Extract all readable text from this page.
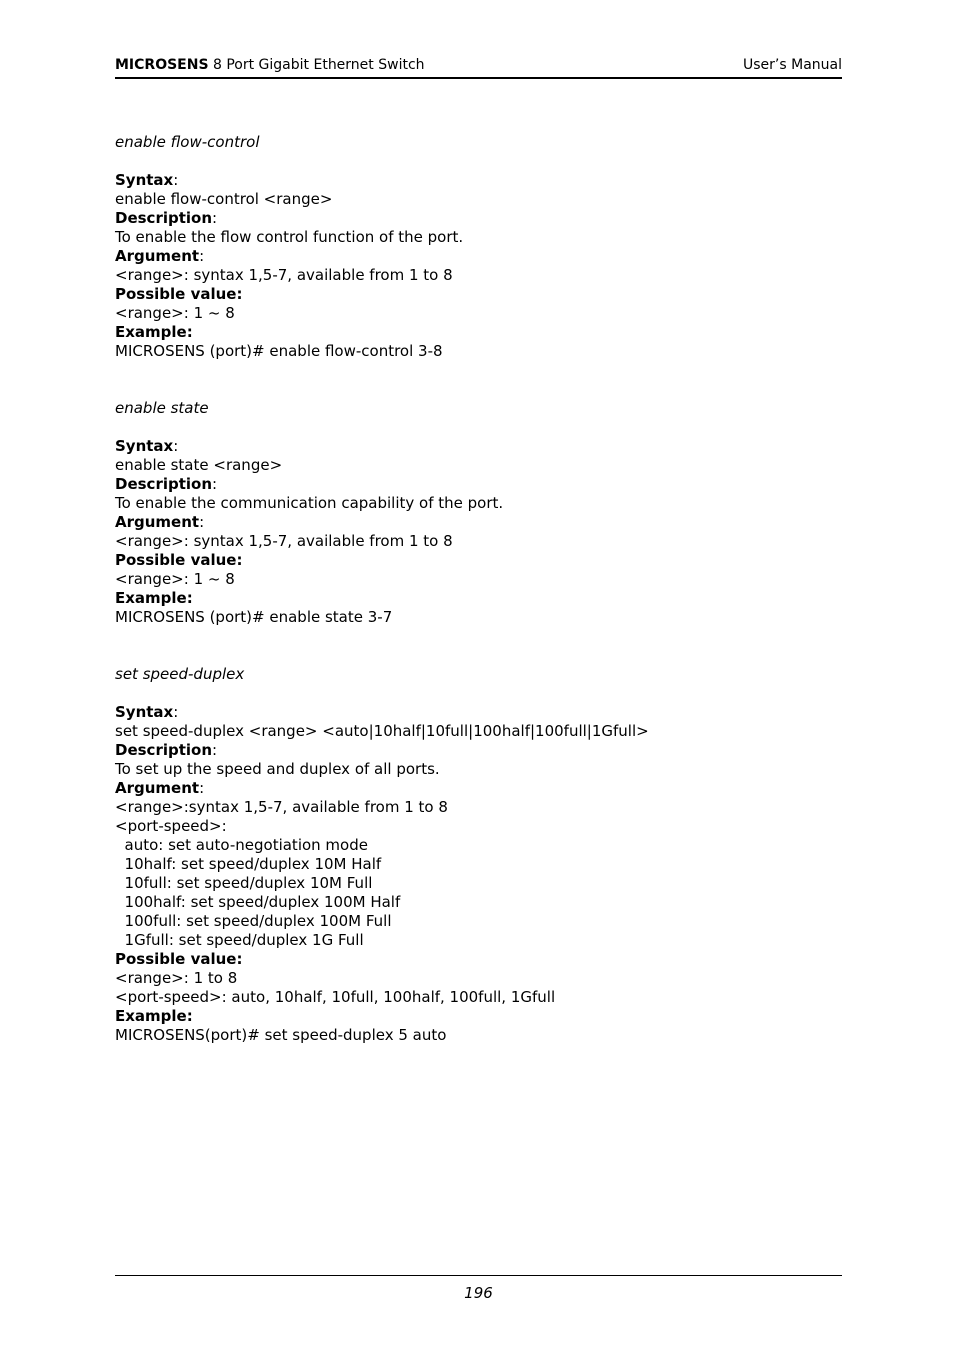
MICROSENS 8 Port Gigabit Ethernet Switch	User’s Manual
enable flow-control
Syntax:
enable flow-control <range>
Description:
To enable the flow control function of the port.
Argument:
<range>: syntax 1,5-7, available from 1 to 8
Possible value:
<range>: 1 ~ 8
Example:
MICROSENS (port)# enable flow-control 3-8
enable state
Syntax:
enable state <range>
Description:
To enable the communication capability of the port.
Argument:
<range>: syntax 1,5-7, available from 1 to 8
Possible value:
<range>: 1 ~ 8
Example:
MICROSENS (port)# enable state 3-7
set speed-duplex
Syntax:
set speed-duplex <range> <auto|10half|10full|100half|100full|1Gfull>
Description:
To set up the speed and duplex of all ports.
Argument:
<range>:syntax 1,5-7, available from 1 to 8
<port-speed>:
auto: set auto-negotiation mode
10half: set speed/duplex 10M Half
10full: set speed/duplex 10M Full
100half: set speed/duplex 100M Half
100full: set speed/duplex 100M Full
1Gfull: set speed/duplex 1G Full
Possible value:
<range>: 1 to 8
<port-speed>: auto, 10half, 10full, 100half, 100full, 1Gfull
Example:
MICROSENS(port)# set speed-duplex 5 auto
196
